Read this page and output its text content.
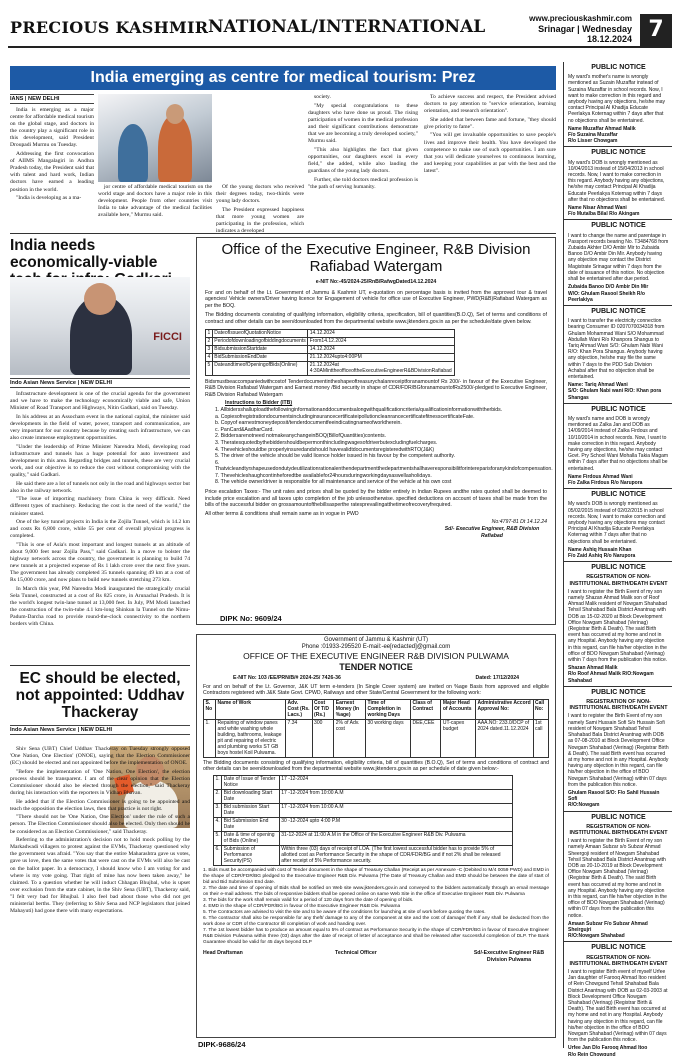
PRECIOUS KASHMIR NATIONAL/INTERNATIONAL	www.preciouskashmir.com
Srinagar | Wednesday
18.12.2024 7
India emerging as centre for medical tourism: Prez
IANS | NEW DELHI

India is emerging as a major centre for affordable medical tourism on the global stage, and doctors in the country play a significant role in this development, said President Droupadi Murmu on Tuesday.

Addressing the first convocation of AIIMS Mangalagiri in Andhra Pradesh today, the President said that with talent and hard work, Indian doctors have earned a leading position in the world.

"India is developing as a ma-

jor centre of affordable medical tourism on the world stage and doctors have a major role in this development. People from other countries visit India to take advantage of the medical facilities available here," Murmu said.

Of the young doctors who received their degrees today, two-thirds were young lady doctors.

The President expressed happiness that more young women are participating in the profession, which indicates a developed

society.

"My special congratulations to these daughters who have done us proud. The rising participation of women in the medical profession and their significant contributions demonstrate that we are becoming a truly developed society," Murmu said.

"This also highlights the fact that given opportunities, our daughters excel in every field," she added, while also lauding the guardians of the young lady doctors.

Further, she told doctors medical profession is "the path of serving humanity.

To achieve success and respect, the President advised doctors to pay attention to "service orientation, learning orientation, and research orientation".

She added that between fame and fortune, "they should give priority to fame".

"You will get invaluable opportunities to save people's lives and improve their health. You have developed the competence to make use of such opportunities. I am sure that you will dedicate yourselves to continuous learning, and keeping your capabilities at par with the best and the latest".

India needs economically-viable
FICCI
Indo Asian News Service | NEW DELHI

Infrastructure development is one of the crucial agenda for the government and we have to make the technology economically viable and safe, Union Minister of Road Transport and Highways, Nitin Gadkari, said on Tuesday.

In his address at an Assocham event in the national capital, the minister said developments in the field of water, power, transport and communication, are very important for our country because by creating such infrastructure, we can also create immense employment opportunities.

"Under the leadership of Prime Minister Narendra Modi, developing road infrastructure and tunnels has a huge potential for auto investment and development in this area. Regarding bridges and tunnels, these are very crucial work, and our objective is to reduce the cost without compromising with the quality," said Gadkari.

He said there are a lot of tunnels not only in the road and highways sector but also in the railway network.

"The issue of importing machinery from China is very difficult. Need different types of machinery. Reducing the cost is the need of the world," the minister stated.

One of the key tunnel projects in India is the Zojila Tunnel, which is 14.2 km and costs Rs 6,800 crore, while 55 per cent of overall physical progress is completed.

"This is one of Asia's most important and longest tunnels at an altitude of about 9,000 feet near Zojila Pass," said Gadkari. In a move to bolster the highway network across the country, the government is planning to build 74 new tunnels at a projected expense of Rs 1 lakh crore over the next five years. The government has already completed 35 tunnels spanning 49 km at a cost of Rs 15,000 crore, and now plans to build new tunnels stretching 273 km.

In March this year, PM Narendra Modi inaugurated the strategically crucial Sela Tunnel, constructed at a cost of Rs 825 crore, in Arunachal Pradesh. It is the world's longest twin-lane tunnel at 13,000 feet. In July, PM Modi launched the construction of the twin-tube 4.1 km-long Shinkun la Tunnel on the Nimu-Padum-Darcha road to provide round-the-clock connectivity to the northern borders with China.

EC should be elected, not appointed: Uddhav Thackeray
Indo Asian News Service | NEW DELHI

Shiv Sena (UBT) Chief Uddhav Thackeray on Tuesday strongly opposed 'One Nation, One Election' (ONOE), saying that the Election Commissioner (EC) should be elected and not appointed before the implementation of ONOE.

"Before the implementation of 'One Nation, One Election', the election process should be transparent. I am of the clear opinion that the Election Commissioner should also be elected through the election," said Thackeray during his interaction with the reporters in Vidhan Bhavan.

He added that if the Election Commissioner is going to be appointed and teach the opposition the election laws, then that practice is not right.

"There should not be 'One Nation, One Election' under the rule of such a person. The Election Commissioner should also be elected. Only then should he be considered as an Election Commissioner," said Thackeray.

Referring to the administration's decision not to hold mock polling by the Markadwadi villagers to protest against the EVMs, Thackeray questioned why the government was afraid. "You say that the entire Maharashtra gave us votes, gave us love, then the same votes that were cast on the EVMs will also be cast on the ballot paper. In a democracy, I should know who I am voting for and where is my vote going. That right of mine has now been taken away," he claimed. To a question whether he will induct Chhagan Bhujbal, who is upset over exclusion from the state cabinet, in the Shiv Sena (UBT), Thackeray said, "I felt very bad for Bhujbal. I also feel bad about those who did not get ministerial berths. They (referring to Shiv Sena and NCP legislators that joined Mahayuti) had gone there with many expectations.

Office of the Executive Engineer, R&B Division Rafiabad Watergam
e-NIT No:-45/2024-25/RnB/RafwgDated14.12.2024

For and on behalf of the Lt. Government of Jammu & Kashmir UT, e-quotation on percentage basis is invited from the approved tour & travel agencies/ Vehicle owners/Driver having licence for Engagement of vehicle for office use of Executive Engineer, PWD(R&B)Rafiabad Watergam as per the BOQ.

The Bidding documents consisting of qualifying information, eligibility criteria, specification, bill of quantities(B.O.Q), Set of terms and conditions of contract and other details can be seen/downloaded from the departmental website www.jktenders.gov.in as per the schedule/date given below.

1	DateofIssueofQuotationNotice	14.12.2024
2	Periodofdownloadingofbiddingdocuments	From14.12.2024
3	BidsubmissionStartdate	14.12.2024
4	BidSubmissionEndDate	21.12.2024upto4:00PM
5	DateandtimeofOpeningofBids(Online)	21.12.2024at 4:30AMinttheofficeoftheExecutiveEngineerR&BDivisionRafiabad

Bidsmustbeaccompaniedwithcostof Tenderdocumentintheshapeoftreasurychalanreceiptforanamountof Rs 200/- in favour of the Executive Engineer, R&B Division Rafiabad Watergam and Earnest money /Bid security in shape of CDR/FDR/BGforanamountofRs2500/-pledged to Executive Engineer, R&B Division Rafiabad Watergam

Instructions to Bidder (ITB)

1. Allbidersshalluploadthefollowinginformationanddocumentsalongwithqualificationcriteria/qualificationinformationwiththerbids.

a. CopiesofregistrationdocumentsincludinginsurancecertificateipollutioncleanrancecertificatefitnesscertificateFate.

b. Copyof earnestmoneydeposit/tenderdocumentfeeindicatingnameofworktherein.

c. PanCard&AadharCard.

2. Biddersarenotneed notmakeanychangeinBOQ(BillofQuantities)contents.

3. Theratesquotedbythebiddershouldbepermonthincludingwagesofdriverbutexcludingfuelcharges.

4. Thevehicleshouldbe properlyinsuredandshould havevalidtdocumentsregisteredwithRTO(J&K)

5. The driver of the vehicle should be valid licence holder issued in his favour by the competent authority.

6. Thatvicleandtyrshapeusedondutydeutilizationrationalenthendepartmentthedepartmentshallhaveresponsibilitforintereparisforanykindofcompensation.

7. Thevehicleshaughcontinheforedtbe availablefor24hoursduringworkingdaysaswellasholidays.

8. The vehicle owner/driver is responsible for all maintenance and service of the vehicle at his own cost

Price escalation Taxes:- The unit rates and prices shall be quoted by the bidder entirely in Indian Rupees andthe rates quoted shall be deemed to include price escalation and all taxes upto completion of the job unlessotherwise. specified deductions on account of taxes shall be made from the bills of the successful bidder on grossamountofthebillsasperthe ratesprevailingatthetimeofrecoveryfrequired.

All other terms & conditions shall remain same as in vogue in PWD

No:4797-81 Dt 14.12.24
Sd/- Executive Engineer, R&B Division Rafiabad
DIPK No: 9609/24
Government of Jammu & Kashmir (UT)
Phone :01933-295520 E-mail:-ee[redacted]@gmail.com
OFFICE OF THE EXECUTIVE ENGINEER R&B DIVISION PULWAMA
TENDER NOTICE
E-NIT No: 103 /EE/PRN/B/# 2024-25/ 7426-36	Dated: 17/12/2024

For and on behalf of the Lt. Governor, J&K UT term e-tenders (In Single Cover system) are invited on %age Basis from approved and eligible Contractors registered with J&K State Govt. CPWD, Railways and other State/Central Government for the following work:

S. No	Name of Work	Adv. Cost (Rs. Lacs.)	Cost Of T/D (Rs.)	Earnest Money (In %age)	Time of Completion in working Days	Class of Contract	Major Head of Accounts	Administrative Accord Approval No:	Call No:
1.	Repairing of window panes and white washing whole building, bathrooms, leakage pit and repairing of electric and plumbing works ST GB boys hostel Koil Pulwama.	7.34	300	2% of Adv. cost	30 working days	DEE,CEE	UT-capex budget	AAA.NO: 233.0/DCP of 2024 dated.11.12.2024	1st call

The Bidding documents consisting of qualifying information, eligibility criteria, bill of quantities (B.O.Q), Set of terms and conditions of contract and other details can be seen/downloaded from the departmental website www.jktenders.gov.in as per schedule of date given below:-

1.	Date of Issue of Tender Notice	17 -12-2024
2.	Bid downloading Start Date	17 -12-2024 from 10:00 A.M
3.	Bid submission Start Date	17 -12-2024 from 10:00 A.M
4.	Bid Submission End Date	30 -12-2024 upto 4:00 P.M
5.	Date & time of opening of Bids (Online)	31-12-2024 at 11:00 A.M in the Office of the Executive Engineer R&B Div. Pulwama
6.	Submission of Performance Security(PS)	Within three (03) days of receipt of LOA. (The first lowest successful bidder has to provide 5% of allotted cost as Performance Security in the shape of CDR/FDR/BG and if not 2% shall be released after receipt of 5% Performance security.

1. Bids must be accompanied with cost of Tender document in the shape of Treasury Challan (Receipt as per Annexure -C (Debited to M/4 0059 PWD) and EMD in the shape of CDR/FDR/BG pledged to the Executive Engineer R&B Div. Pulwama (The Date of Treasury Challan and EMD should be between the date of start of bid and Bid Submission End date.

2. The date and time of opening of Bids shall be notified on Web site www.jktenders.gov.in and conveyed to the bidders automatically through an email message on their e-mail address. The bids of responsive bidders shall be opened online on same Web Site in the office of Executive Engineer R&B Div. Pulwama

3. The bids for the work shall remain valid for a period of 120 days from the date of opening of bids.

4. EMD in the shape of CDR/FDR/BG in favour of the Executive Engineer R&B Div. Pulwama

5. The Contractors are advised to visit the site and to be aware of the conditions for launching at site of work before quoting the rates.

6. The contractor shall also be responsible for any theft/ damage to any of the component at site and the cost of damage/ theft if any shall be deducted from the work done or CDR of the Contractor till completion of work and handing over.

7. The 1st lowest bidder has to produce an amount equal to 5% of contract as Performance Security in the shape of CDR/FDR/BG in favour of Executive Engineer R&B Division Pulwama within three (03) days after the date of receipt of letter of acceptance and shall be released after successful completion of DLP. The Bank Guarantee should be valid for 45 days beyond DLP

Head Draftsman	Technical Officer	Sd/-Executive Engineer R&B Division Pulwama
DIPK-9686/24
PUBLIC NOTICE
My ward's mother's name is wrongly mentioned as Suzain Muzaffar instead of Suzaina Muzaffar in school records. Now, I want to make correction in this regard and anybody having any objections, he/she may contact Principal Al Khadija Educate Peerlakya Koternag within 7 days after that no objections shall be entertained.
Name Muzaffar Ahmad Malik
F/o Suzaina Muzaffar
R/o Lisser Chowgam
PUBLIC NOTICE
My ward's DOB is wrongly mentioned as 10/04/2013 instead of 15/04/2013 in school records. Now, I want to make correction in this regard. Anybody having any objections, he/she may contact Principal Al Khadija Educate Peerlakya Koternag within 7 days after that no objections shall be entertained.
Name Nisar Ahmad Wani
F/o Mutalba Bilal R/o Akingam
PUBLIC NOTICE
I want to change the name and parentage in Passport records bearing No. T3484768 from Zubaida Akhter D/O Ambir Mir to Zubaida Banoo D/O Ambir Din Mir. Anybody having any objection may contact the District Magistrate Srinagar within 7 days from the date of issuance of this notice. No objection shall be entertained after due period.
Zubaida Banoo D/O Ambir Din Mir
W/O: Ghulam Rasool Sheikh R/o Peerlakiya
PUBLIC NOTICE
I want to transfer the electricity connection bearing Consumer ID 0207070034318 from Ghulam Mohammad Wani S/O Mohammad Abdullah Wani R/o Khanpora Shangus to Tariq Ahmad Wani S/O: Ghulam Nabi Wani R/O: Khan Pora Shangus. Anybody having any objection, he/she may file the same within 7 days to the PDD Sub Division Achabal after that no objection shall be entertained.
Name: Tariq Ahmad Wani
S/O: Ghulam Nabi wani R/O: Khan pora Shangas
PUBLIC NOTICE
My ward's name and DOB is wrongly mentioned as Zalka Jan and DOB as 14/09/2014 instead of Zalka Firdous and 10/10/2014 in school records. Now, I want to make correction in this regard. Anybody having any objections, he/she may contact Govt. Pry School Wani Mohalla Takia Magam within 7 days after that no objections shall be entertained.
Name Firdous Ahmad Wani
F/o Zalka Firdous R/o Narupora
PUBLIC NOTICE
My ward's DOB is wrongly mentioned as 05/02/2015 instead of 02/02/2015 in school records. Now, I want to make correction and anybody having any objections may contact Principal Al Khadija Educate Peerlakya Koternag within 7 days after that no objections shall be entertained.
Name Ashiq Hussain Khan
F/o Zaid Ashiq R/o Narupora
PUBLIC NOTICE
REGISTRATION OF NON-INSTITUTIONAL BIRTH/DEATH EVENT
I want to register the Birth Event of my son namely Shazan Ahmad Malik son of Roof Ahmad Malik resident of Nowgam Shahabad Tehsil Shahabad Bala District Anantnag with DOB as 15-02-2020 at Block Development Office Nowgam Shahabad (Verinag) (Registrar Birth & Death). The said Birth event has occurred at my home and not in any Hospital. Anybody having any objection in this regard, can file his/her objection in the office of BDO Nowgam Shahabad (Verinag) within 7 days from the publication this notice.
Shazan Ahmad Malik
R/o Roof Ahmad Malik R/O:Nowgam Shahabad
PUBLIC NOTICE
REGISTRATION OF NON-INSTITUTIONAL BIRTH/DEATH EVENT
I want to register the Birth Event of my son namely Sami Hussain Sofi S/o Hussain Sofi resident of Nowgam Shahabad Tehsil Shahabad Bala District Anantnag with DOB as 07-08-2010 at Block Development Office Nowgam Shahabad (Verinag) (Registrar Birth & Death). The said Birth event has occurred at my home and not in any Hospital. Anybody having any objection in this regard, can file his/her objection in the office of BDO Nowgam Shahabad (Verinag) within 07 days from the publication this notice.
Ghulam Rasool S/O: F/o Sahil Hussain Sofi
R/O:Nowgam
PUBLIC NOTICE
REGISTRATION OF NON-INSTITUTIONAL BIRTH/DEATH EVENT
I want to register the Birth Event of my son namely Amaan Subzar s/o Subzar Ahmad Sheergoji resident of Nowgam Shahabad Tehsil Shahabad Bala District Anantnag with DOB as 20-10-2019 at Block Development Office Nowgam Shahabad (Verinag) (Registrar Birth & Death). The said Birth event has occurred at my home and not in any Hospital. Anybody having any objection in this regard, can file his/her objection in the office of BDO Nowgam Shahabad (Verinag) within 07 days from the publication this notice.
Amaan Subzar F/o Subzar Ahmad Sheirgujri
R/O:Nowgam Shahabad
PUBLIC NOTICE
REGISTRATION OF NON-INSTITUTIONAL BIRTH/DEATH EVENT
I want to register Birth event of myself Urfee Jan daughter of Farooq Ahmad Itoo resident of Rein Chowgund Tehsil Shahabad Bala District Anantnag with DOB as 02-03-2003 at Block Development Office Nowgam Shahabad (Verinag) (Registrar Birth & Death). The said Birth event has occurred at my home and not in any Hospital. Anybody having any objection in this regard, can file his/her objection in the office of BDO Nowgam Shahabad (Verinag) within 07 days from the publication this notice.
Urfee Jan D/o Farooq Ahmad Itoo
R/o Rein Chowgund
